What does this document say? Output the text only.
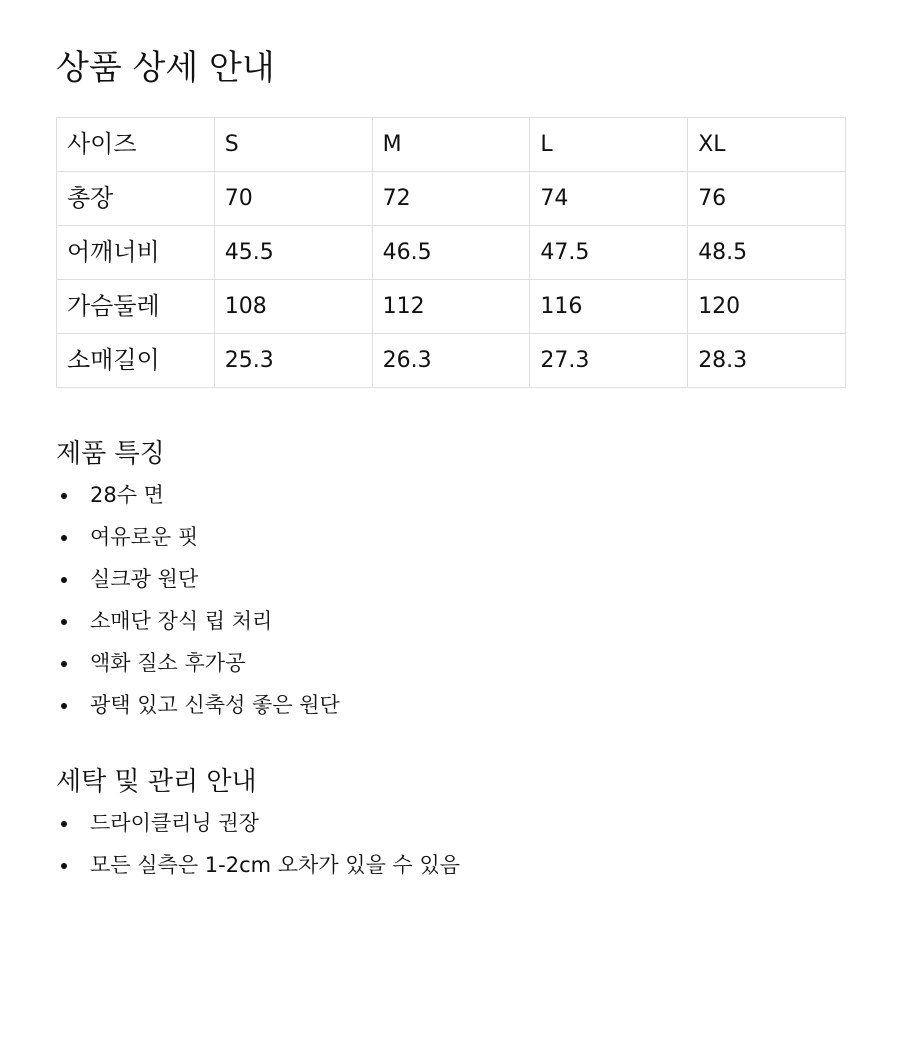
상품 상세 안내
사이즈	S	M	L	XL
총장	70	72	74	76
어깨너비	45.5	46.5	47.5	48.5
가슴둘레	108	112	116	120
소매길이	25.3	26.3	27.3	28.3
제품 특징
28수 면
여유로운 핏
실크광 원단
소매단 장식 립 처리
액화 질소 후가공
광택 있고 신축성 좋은 원단
세탁 및 관리 안내
드라이클리닝 권장
모든 실측은 1-2cm 오차가 있을 수 있음
